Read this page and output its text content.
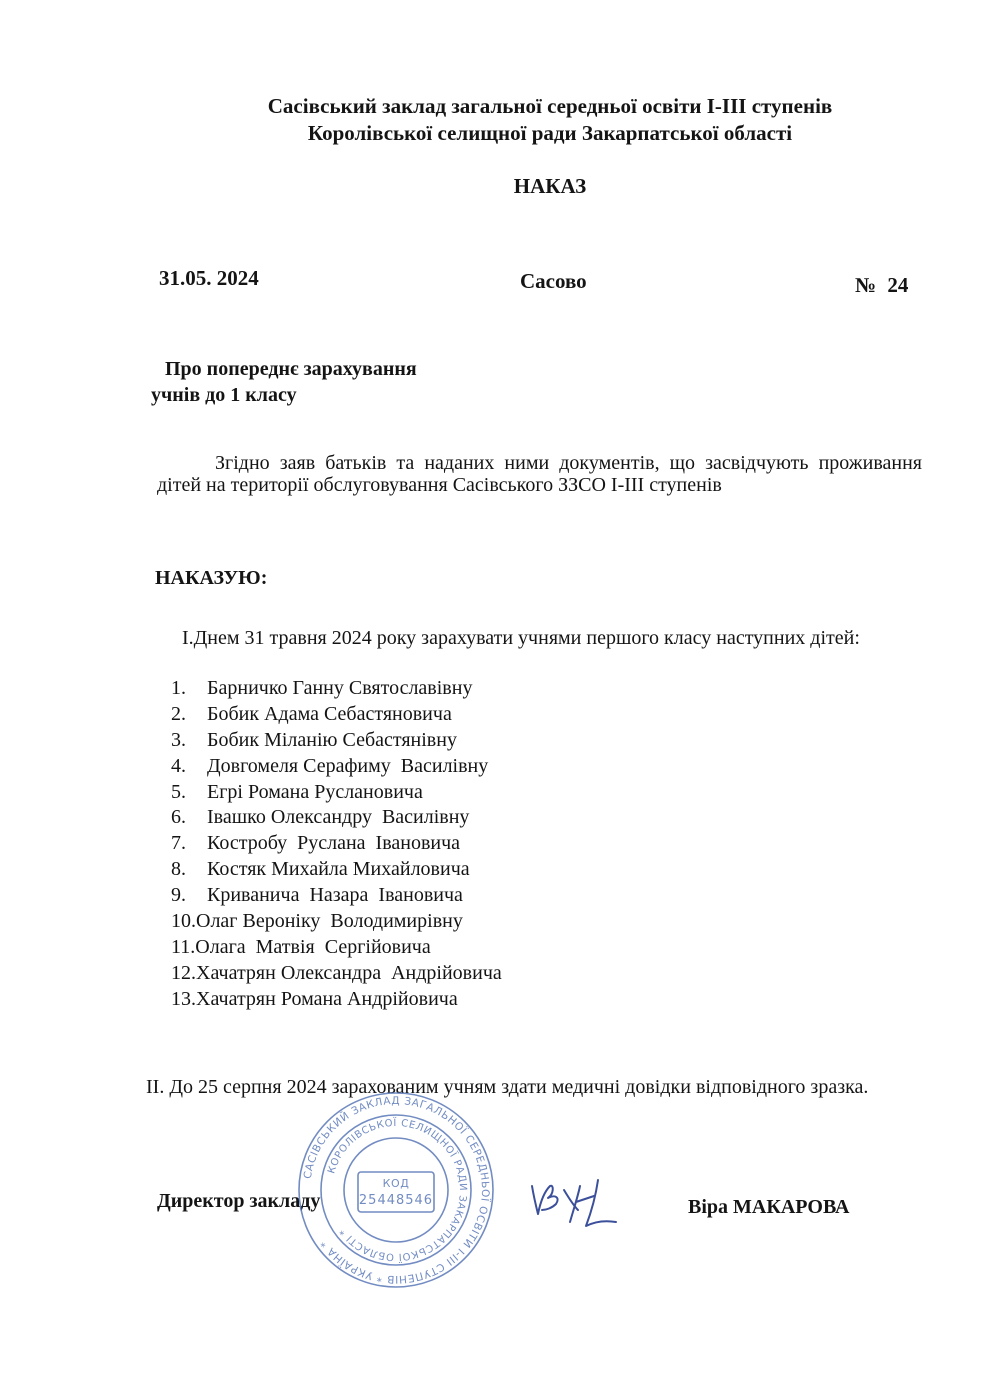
Сасівський заклад загальної середньої освіти І-ІІІ ступенів
Королівської селищної ради Закарпатської області
НАКАЗ
31.05. 2024	Сасово	№ 24
Про попереднє зарахування
учнів до 1 класу

Згідно заяв батьків та наданих ними документів, що засвідчують проживання дітей на території обслуговування Сасівського ЗЗСО І-ІІІ ступенів

НАКАЗУЮ:
І.Днем 31 травня 2024 року зарахувати учнями першого класу наступних дітей:
1. Барничко Ганну Святославівну
2. Бобик Адама Себастяновича
3. Бобик Міланію Себастянівну
4. Довгомеля Серафиму  Василівну
5. Егрі Романа Руслановича
6. Івашко Олександру  Василівну
7. Костробу  Руслана  Івановича
8. Костяк Михайла Михайловича
9. Криванича  Назара  Івановича
10.Олаг Вероніку  Володимирівну
11.Олага  Матвія  Сергійовича
12.Хачатрян Олександра  Андрійовича
13.Хачатрян Романа Андрійовича

ІІ. До 25 серпня 2024 зарахованим учням здати медичні довідки відповідного зразка.

Директор закладу	Віра МАКАРОВА
САСІВСЬКИЙ ЗАКЛАД ЗАГАЛЬНОЇ СЕРЕДНЬОЇ ОСВІТИ І-ІІІ СТУПЕНІВ * УКРАЇНА *
КОРОЛІВСЬКОЇ СЕЛИЩНОЇ РАДИ ЗАКАРПАТСЬКОЇ ОБЛАСТІ *
КОД
25448546
